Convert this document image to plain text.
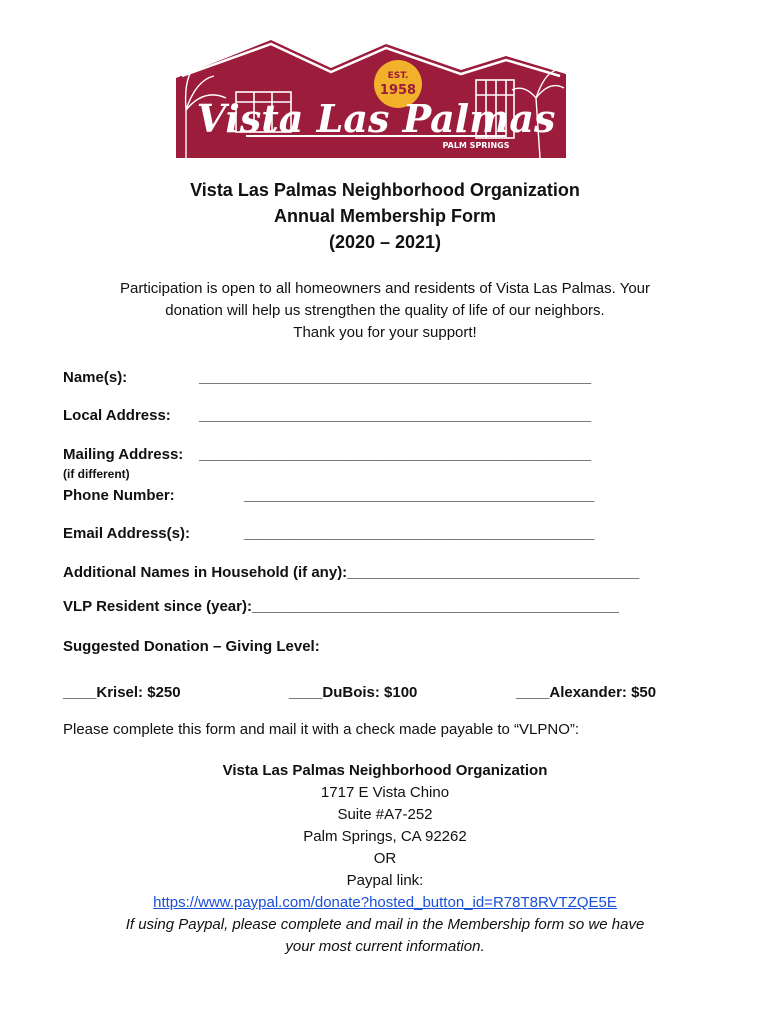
EST.
1958
Vista Las Palmas
PALM SPRINGS
Vista Las Palmas Neighborhood Organization
Annual Membership Form
(2020 – 2021)
Participation is open to all homeowners and residents of Vista Las Palmas. Your
donation will help us strengthen the quality of life of our neighbors.
Thank you for your support!
Name(s):	_______________________________________________
Local Address: _______________________________________________
Mailing Address: _______________________________________________
(if different)
Phone Number:	__________________________________________
Email Address(s):	__________________________________________
Additional Names in Household (if any):___________________________________
VLP Resident since (year):____________________________________________
Suggested Donation – Giving Level:
____Krisel: $250	____DuBois: $100	____Alexander: $50
Please complete this form and mail it with a check made payable to “VLPNO”:
Vista Las Palmas Neighborhood Organization
1717 E Vista Chino
Suite #A7-252
Palm Springs, CA 92262
OR
Paypal link:
https://www.paypal.com/donate?hosted_button_id=R78T8RVTZQE5E
If using Paypal, please complete and mail in the Membership form so we have
your most current information.
